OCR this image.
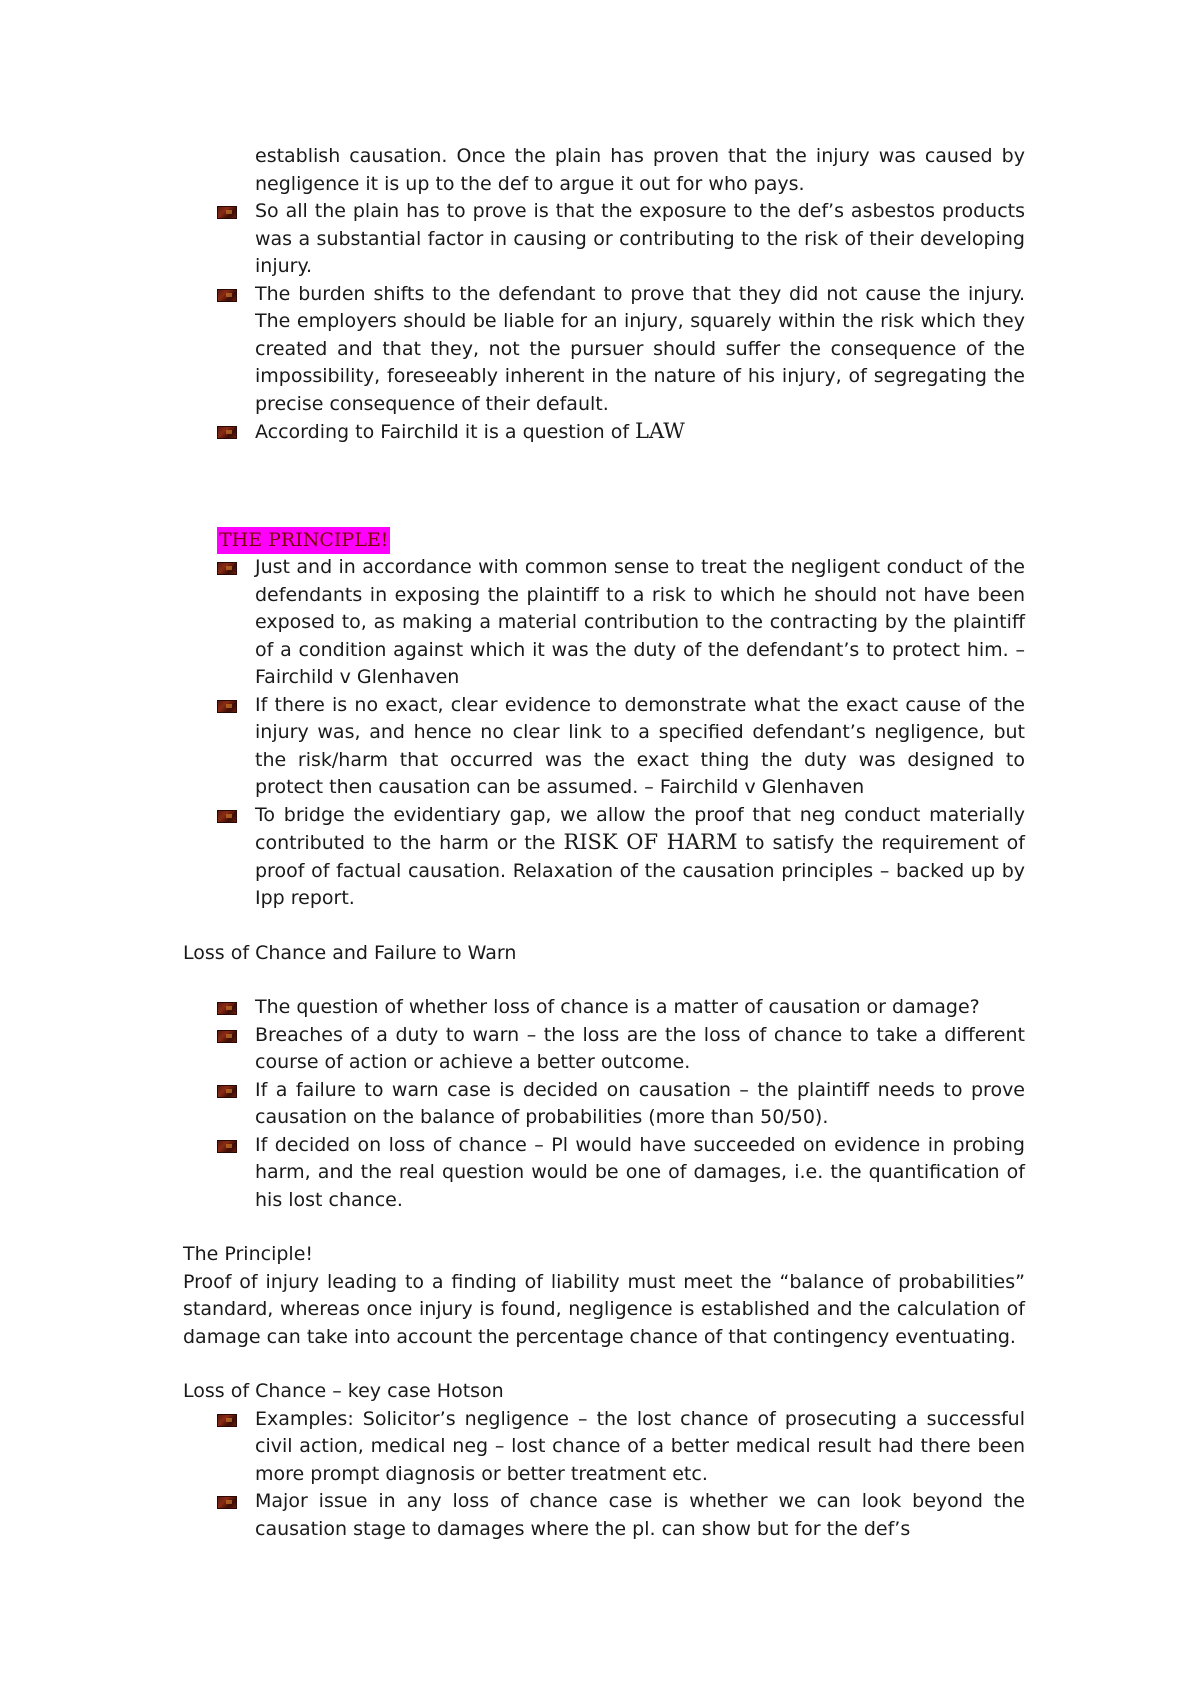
establish causation. Once the plain has proven that the injury was caused by negligence it is up to the def to argue it out for who pays.

So all the plain has to prove is that the exposure to the def’s asbestos products was a substantial factor in causing or contributing to the risk of their developing injury.
The burden shifts to the defendant to prove that they did not cause the injury. The employers should be liable for an injury, squarely within the risk which they created and that they, not the pursuer should suffer the consequence of the impossibility, foreseeably inherent in the nature of his injury, of segregating the precise consequence of their default.
According to Fairchild it is a question of LAW

THE PRINCIPLE!

Just and in accordance with common sense to treat the negligent conduct of the defendants in exposing the plaintiff to a risk to which he should not have been exposed to, as making a material contribution to the contracting by the plaintiff of a condition against which it was the duty of the defendant’s to protect him. – Fairchild v Glenhaven
If there is no exact, clear evidence to demonstrate what the exact cause of the injury was, and hence no clear link to a specified defendant’s negligence, but the risk/harm that occurred was the exact thing the duty was designed to protect then causation can be assumed. – Fairchild v Glenhaven
To bridge the evidentiary gap, we allow the proof that neg conduct materially contributed to the harm or the RISK OF HARM to satisfy the requirement of proof of factual causation. Relaxation of the causation principles – backed up by Ipp report.

Loss of Chance and Failure to Warn

The question of whether loss of chance is a matter of causation or damage?
Breaches of a duty to warn – the loss are the loss of chance to take a different course of action or achieve a better outcome.
If a failure to warn case is decided on causation – the plaintiff needs to prove causation on the balance of probabilities (more than 50/50).
If decided on loss of chance – Pl would have succeeded on evidence in probing harm, and the real question would be one of damages, i.e. the quantification of his lost chance.

The Principle!

Proof of injury leading to a finding of liability must meet the “balance of probabilities” standard, whereas once injury is found, negligence is established and the calculation of damage can take into account the percentage chance of that contingency eventuating.

Loss of Chance – key case Hotson

Examples: Solicitor’s negligence – the lost chance of prosecuting a successful civil action, medical neg – lost chance of a better medical result had there been more prompt diagnosis or better treatment etc.
Major issue in any loss of chance case is whether we can look beyond the causation stage to damages where the pl. can show but for the def’s
